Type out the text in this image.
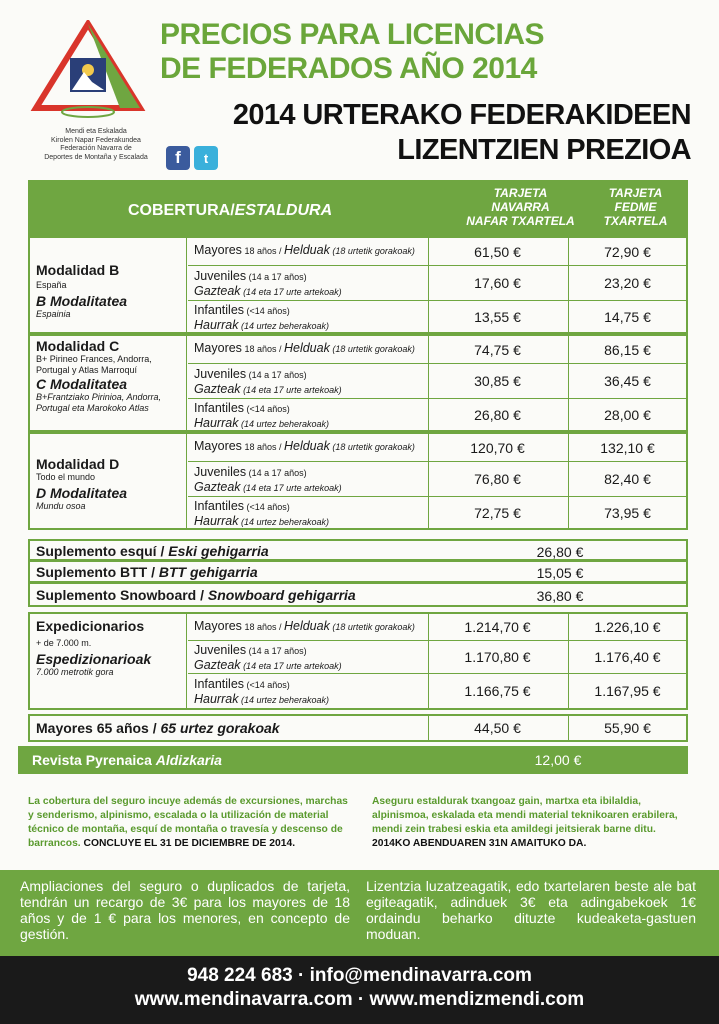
Mendi eta Eskalada
Kirolen Napar Federakundea
Federación Navarra de
Deportes de Montaña y Escalada	f	t
PRECIOS PARA LICENCIAS
DE FEDERADOS AÑO 2014
2014 URTERAKO FEDERAKIDEEN
LIZENTZIEN PREZIOA
COBERTURA/ESTALDURA
TARJETA
NAVARRA
NAFAR TXARTELA
TARJETA
FEDME
TXARTELA
Modalidad B
España
B Modalitatea
Espainia
Mayores 18 años / Helduak (18 urtetik gorakoak)	61,50 €	72,90 €
Juveniles (14 a 17 años)
Gazteak (14 eta 17 urte artekoak)
17,60 €	23,20 €
Infantiles (<14 años)
Haurrak (14 urtez beherakoak)
13,55 €	14,75 €
Modalidad C
B+ Pirineo Frances, Andorra,
Portugal y Atlas Marroquí
C Modalitatea
B+Frantziako Pirinioa, Andorra,
Portugal eta Marokoko Atlas
Mayores 18 años / Helduak (18 urtetik gorakoak)	74,75 €	86,15 €
Juveniles (14 a 17 años)
Gazteak (14 eta 17 urte artekoak)
30,85 €	36,45 €
Infantiles (<14 años)
Haurrak (14 urtez beherakoak)
26,80 €	28,00 €
Modalidad D
Todo el mundo
D Modalitatea
Mundu osoa
Mayores 18 años / Helduak (18 urtetik gorakoak)	120,70 €	132,10 €
Juveniles (14 a 17 años)
Gazteak (14 eta 17 urte artekoak)
76,80 €	82,40 €
Infantiles (<14 años)
Haurrak (14 urtez beherakoak)
72,75 €	73,95 €
Suplemento esquí / Eski gehigarria	26,80 €
Suplemento BTT / BTT gehigarria	15,05 €
Suplemento Snowboard / Snowboard gehigarria	36,80 €
Expedicionarios
+ de 7.000 m.
Espedizionarioak
7.000 metrotik gora
Mayores 18 años / Helduak (18 urtetik gorakoak)	1.214,70 €	1.226,10 €
Juveniles (14 a 17 años)
Gazteak (14 eta 17 urte artekoak)
1.170,80 €	1.176,40 €
Infantiles (<14 años)
Haurrak (14 urtez beherakoak)
1.166,75 €	1.167,95 €
Mayores 65 años / 65 urtez gorakoak	44,50 €	55,90 €
Revista Pyrenaica Aldizkaria	12,00 €
La cobertura del seguro incuye además de excursiones, marchas y senderismo, alpinismo, escalada o la utilización de material técnico de montaña, esquí de montaña o travesía y descenso de barrancos. CONCLUYE EL 31 DE DICIEMBRE DE 2014.
Aseguru estaldurak txangoaz gain, martxa eta ibilaldia, alpinismoa, eskalada eta mendi material teknikoaren erabilera, mendi zein trabesi eskia eta amildegi jeitsierak barne ditu.
2014KO ABENDUAREN 31N AMAITUKO DA.
Ampliaciones del seguro o duplicados de tarjeta, tendrán un recargo de 3€ para los mayores de 18 años y de 1 € para los menores, en concepto de gestión.
Lizentzia luzatzeagatik, edo txartelaren beste ale bat egiteagatik, adinduek 3€ eta adingabekoek 1€ ordaindu beharko dituzte kudeaketa-gastuen moduan.
948 224 683 · info@mendinavarra.com
www.mendinavarra.com · www.mendizmendi.com
